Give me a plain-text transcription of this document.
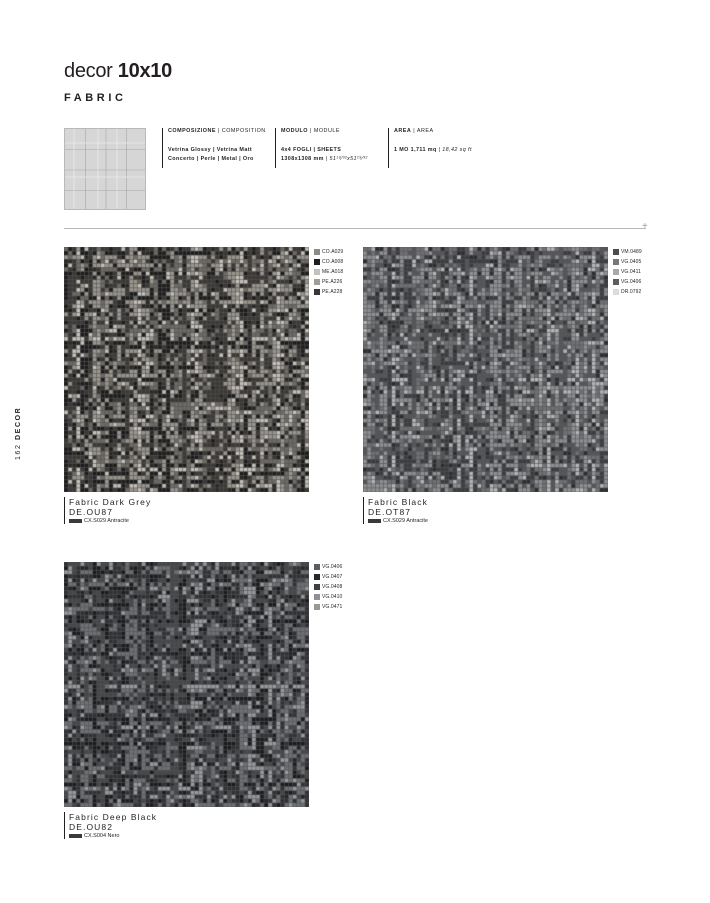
decor 10x10
FABRIC
COMPOSIZIONE | COMPOSITION
Vetrina Glossy | Vetrina Matt
Concerto | Perle | Metal | Oro
MODULO | MODULE
4x4 FOGLI | SHEETS
1308x1308 mm | 51¹⁹⁄³²x51¹⁹⁄³²
AREA | AREA
1 MO 1,711 mq | 18,42 sq ft
+
162 DECOR
CO.A029
CO.A008
ME.A018
PE.A226
PE.A228
Fabric Dark Grey
DE.OU87
CX.S029 Antracite
VM.0489
VG.0405
VG.0411
VG.0406
DR.0792
Fabric Black
DE.OT87
CX.S029 Antracite
VG.0406
VG.0407
VG.0408
VG.0410
VG.0471
Fabric Deep Black
DE.OU82
CX.S004 Nero
